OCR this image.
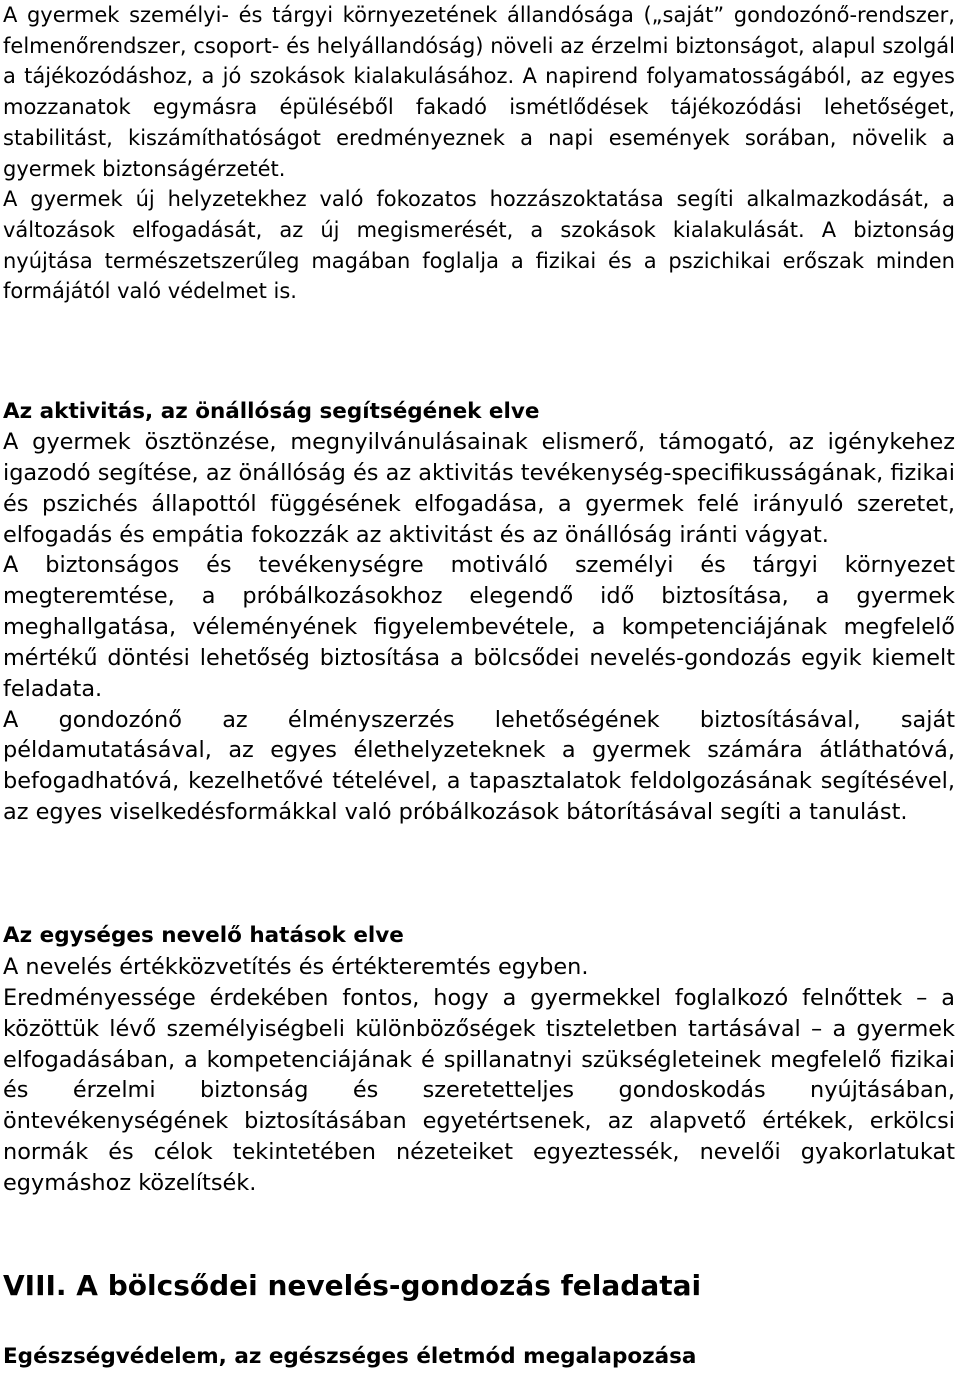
A gyermek személyi- és tárgyi környezetének állandósága („saját” gondozónő-rendszer, felmenőrendszer, csoport- és helyállandóság) növeli az érzelmi biztonságot, alapul szolgál a tájékozódáshoz, a jó szokások kialakulásához. A napirend folyamatosságából, az egyes mozzanatok egymásra épüléséből fakadó ismétlődések tájékozódási lehetőséget, stabilitást, kiszámíthatóságot eredményeznek a napi események sorában, növelik a gyermek biztonságérzetét.
A gyermek új helyzetekhez való fokozatos hozzászoktatása segíti alkalmazkodását, a változások elfogadását, az új megismerését, a szokások kialakulását. A biztonság nyújtása természetszerűleg magában foglalja a fizikai és a pszichikai erőszak minden formájától való védelmet is.
Az aktivitás, az önállóság segítségének elve
A gyermek ösztönzése, megnyilvánulásainak elismerő, támogató, az igénykehez igazodó segítése, az önállóság és az aktivitás tevékenység-specifikusságának, fizikai és pszichés állapottól függésének elfogadása, a gyermek felé irányuló szeretet, elfogadás és empátia fokozzák az aktivitást és az önállóság iránti vágyat.
A biztonságos és tevékenységre motiváló személyi és tárgyi környezet megteremtése, a próbálkozásokhoz elegendő idő biztosítása, a gyermek meghallgatása, véleményének figyelembevétele, a kompetenciájának megfelelő mértékű döntési lehetőség biztosítása a bölcsődei nevelés-gondozás egyik kiemelt feladata.
A gondozónő az élményszerzés lehetőségének biztosításával, saját példamutatásával, az egyes élethelyzeteknek a gyermek számára átláthatóvá, befogadhatóvá, kezelhetővé tételével, a tapasztalatok feldolgozásának segítésével, az egyes viselkedésformákkal való próbálkozások bátorításával segíti a tanulást.
Az egységes nevelő hatások elve
A nevelés értékközvetítés és értékteremtés egyben.
Eredményessége érdekében fontos, hogy a gyermekkel foglalkozó felnőttek – a közöttük lévő személyiségbeli különbözőségek tiszteletben tartásával – a gyermek elfogadásában, a kompetenciájának é spillanatnyi szükségleteinek megfelelő fizikai és érzelmi biztonság és szeretetteljes gondoskodás nyújtásában, öntevékenységének biztosításában egyetértsenek, az alapvető értékek, erkölcsi normák és célok tekintetében nézeteiket egyeztessék, nevelői gyakorlatukat egymáshoz közelítsék.
VIII. A bölcsődei nevelés-gondozás feladatai
Egészségvédelem, az egészséges életmód megalapozása
